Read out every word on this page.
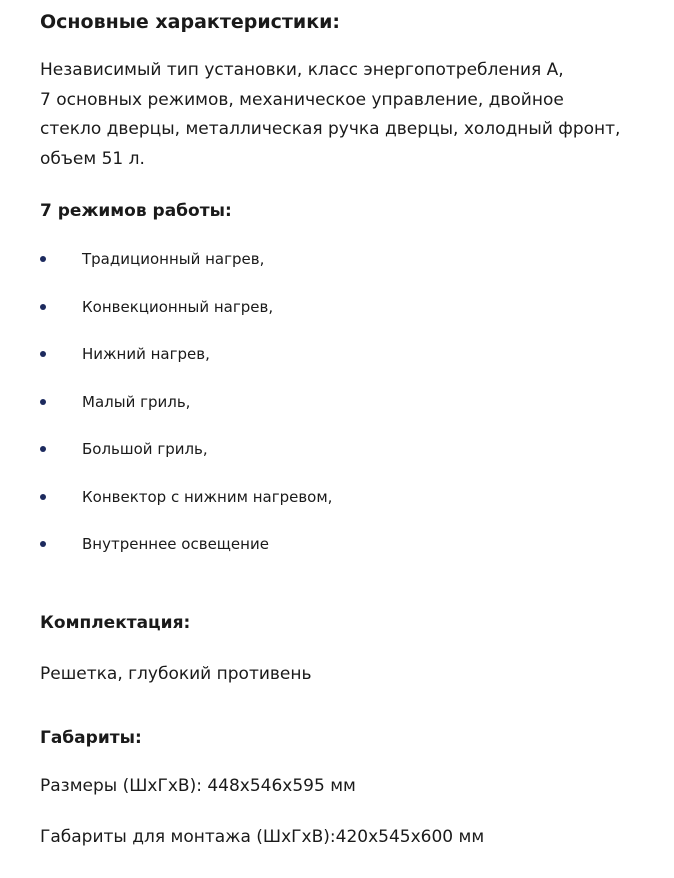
Основные характеристики:

Независимый тип установки, класс энергопотребления А,
7 основных режимов, механическое управление, двойное
стекло дверцы, металлическая ручка дверцы, холодный фронт,
объем 51 л.

7 режимов работы:
Традиционный нагрев,
Конвекционный нагрев,
Нижний нагрев,
Малый гриль,
Большой гриль,
Конвектор с нижним нагревом,
Внутреннее освещение
Комплектация:

Решетка, глубокий противень

Габариты:

Размеры (ШхГхВ): 448х546х595 мм

Габариты для монтажа (ШхГхВ):420х545х600 мм
